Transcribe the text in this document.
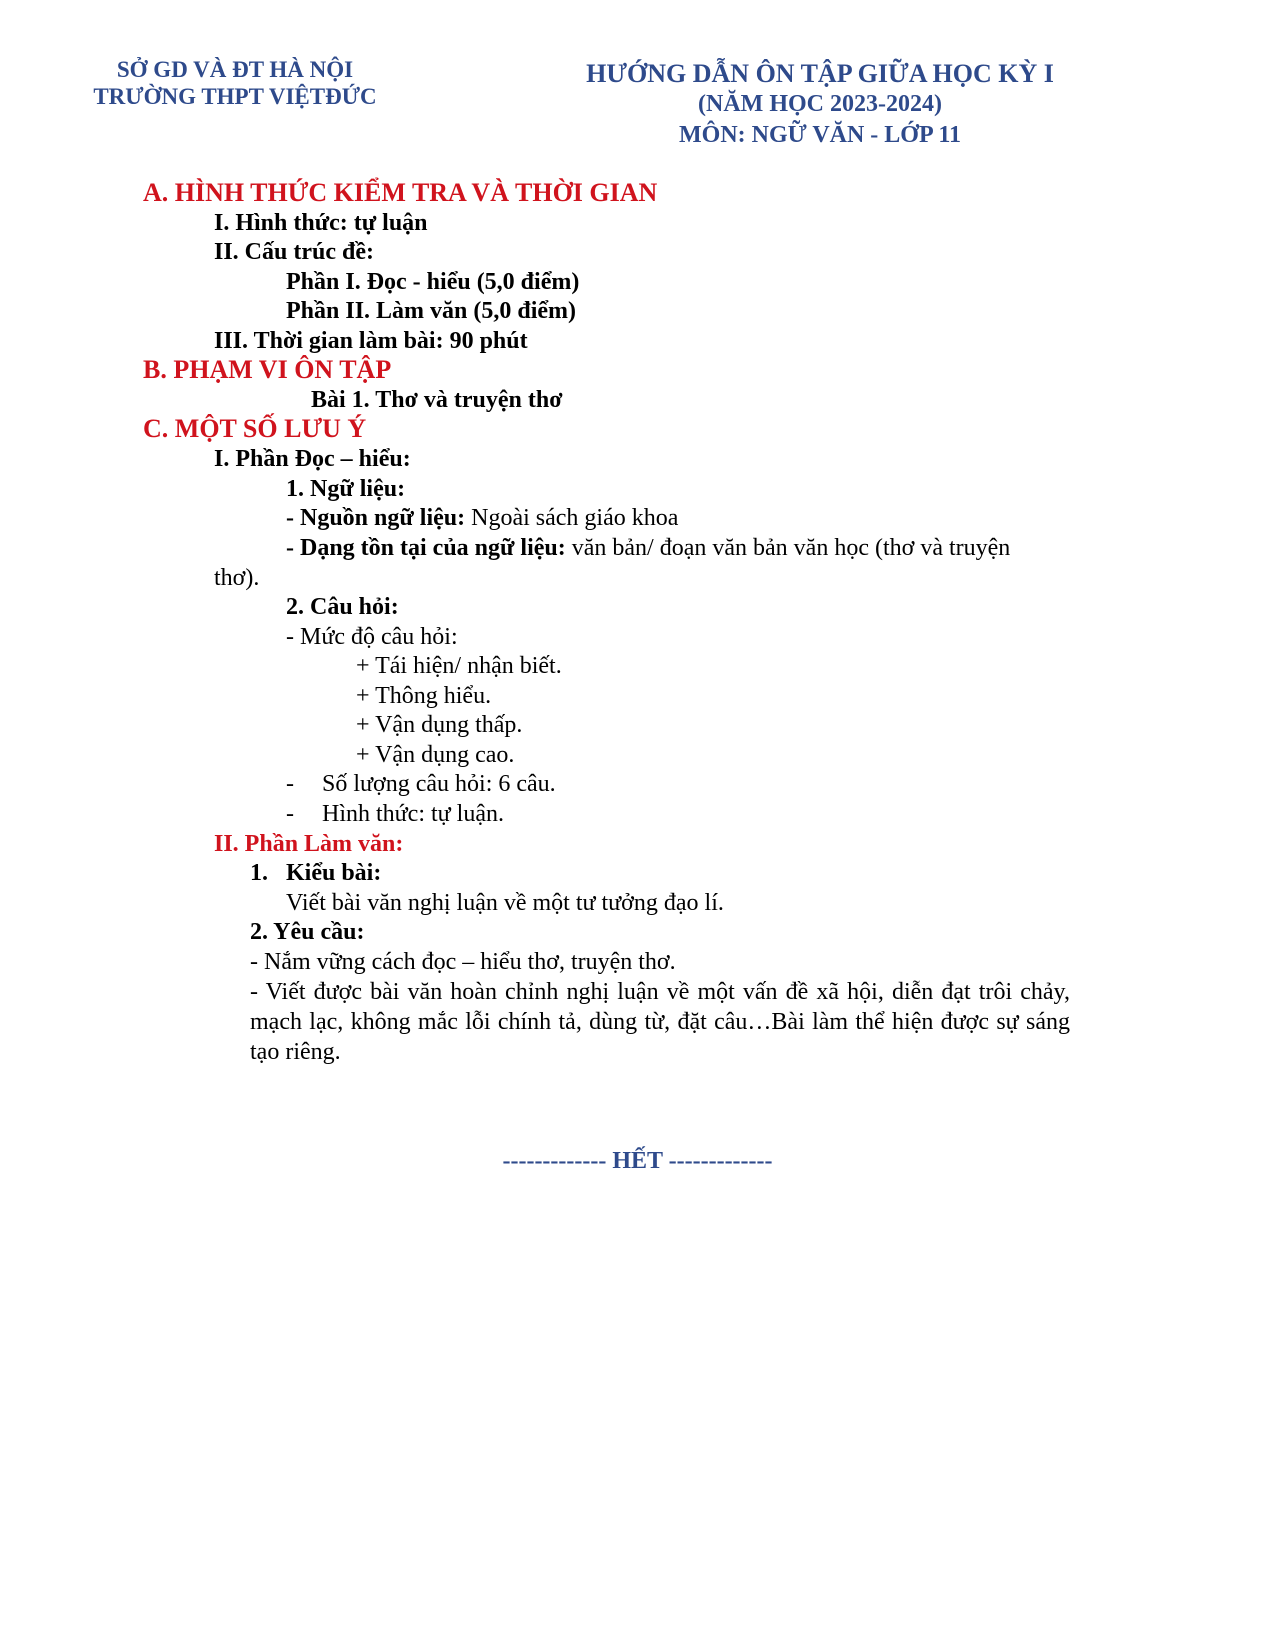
SỞ GD VÀ ĐT HÀ NỘI
TRƯỜNG THPT VIỆTĐỨC
HƯỚNG DẪN ÔN TẬP GIỮA HỌC KỲ I
(NĂM HỌC 2023-2024)
MÔN: NGỮ VĂN - LỚP 11
A. HÌNH THỨC KIỂM TRA VÀ THỜI GIAN
I. Hình thức: tự luận
II. Cấu trúc đề:
Phần I. Đọc - hiểu (5,0 điểm)
Phần II. Làm văn (5,0 điểm)
III. Thời gian làm bài: 90 phút
B. PHẠM VI ÔN TẬP
Bài 1. Thơ và truyện thơ
C. MỘT SỐ LƯU Ý
I. Phần Đọc – hiểu:
1. Ngữ liệu:
- Nguồn ngữ liệu: Ngoài sách giáo khoa
- Dạng tồn tại của ngữ liệu: văn bản/ đoạn văn bản văn học (thơ và truyện
thơ).
2. Câu hỏi:
- Mức độ câu hỏi:
+ Tái hiện/ nhận biết.
+ Thông hiểu.
+ Vận dụng thấp.
+ Vận dụng cao.
- Số lượng câu hỏi: 6 câu.
- Hình thức: tự luận.
II. Phần Làm văn:
1. Kiểu bài:
Viết bài văn nghị luận về một tư tưởng đạo lí.
2. Yêu cầu:
- Nắm vững cách đọc – hiểu thơ, truyện thơ.
- Viết được bài văn hoàn chỉnh nghị luận về một vấn đề xã hội, diễn đạt trôi chảy, mạch lạc, không mắc lỗi chính tả, dùng từ, đặt câu…Bài làm thể hiện được sự sáng tạo riêng.
------------- HẾT -------------
